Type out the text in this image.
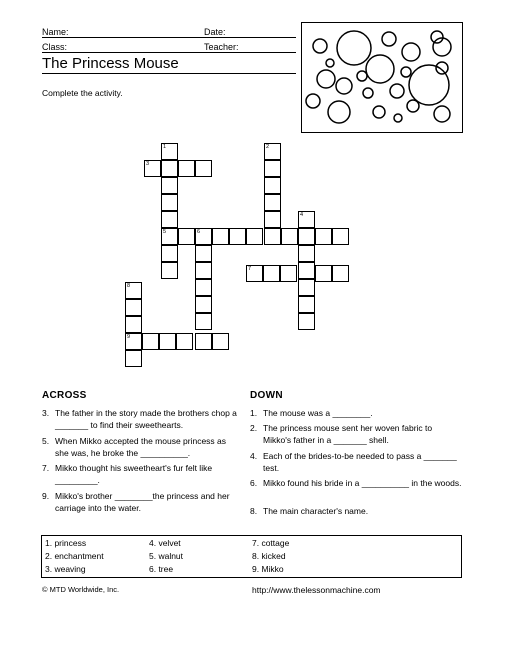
Name:	Date:
Class:	Teacher:
The Princess Mouse
Complete the activity.
1
5
3
2
6
4
7
8
9
ACROSS
3. The father in the story made the brothers chop a _______ to find their sweethearts.
5. When Mikko accepted the mouse princess as she was, he broke the __________.
7. Mikko thought his sweetheart's fur felt like _________.
9. Mikko's brother ________the princess and her carriage into the water.
DOWN
1. The mouse was a ________.
2. The princess mouse sent her woven fabric to Mikko's father in a _______ shell.
4. Each of the brides-to-be needed to pass a _______ test.
6. Mikko found his bride in a __________ in the woods.
8. The main character's name.
1. princess	4. velvet	7. cottage
2. enchantment	5. walnut	8. kicked
3. weaving	6. tree	9. Mikko
© MTD Worldwide, Inc.	http://www.thelessonmachine.com
